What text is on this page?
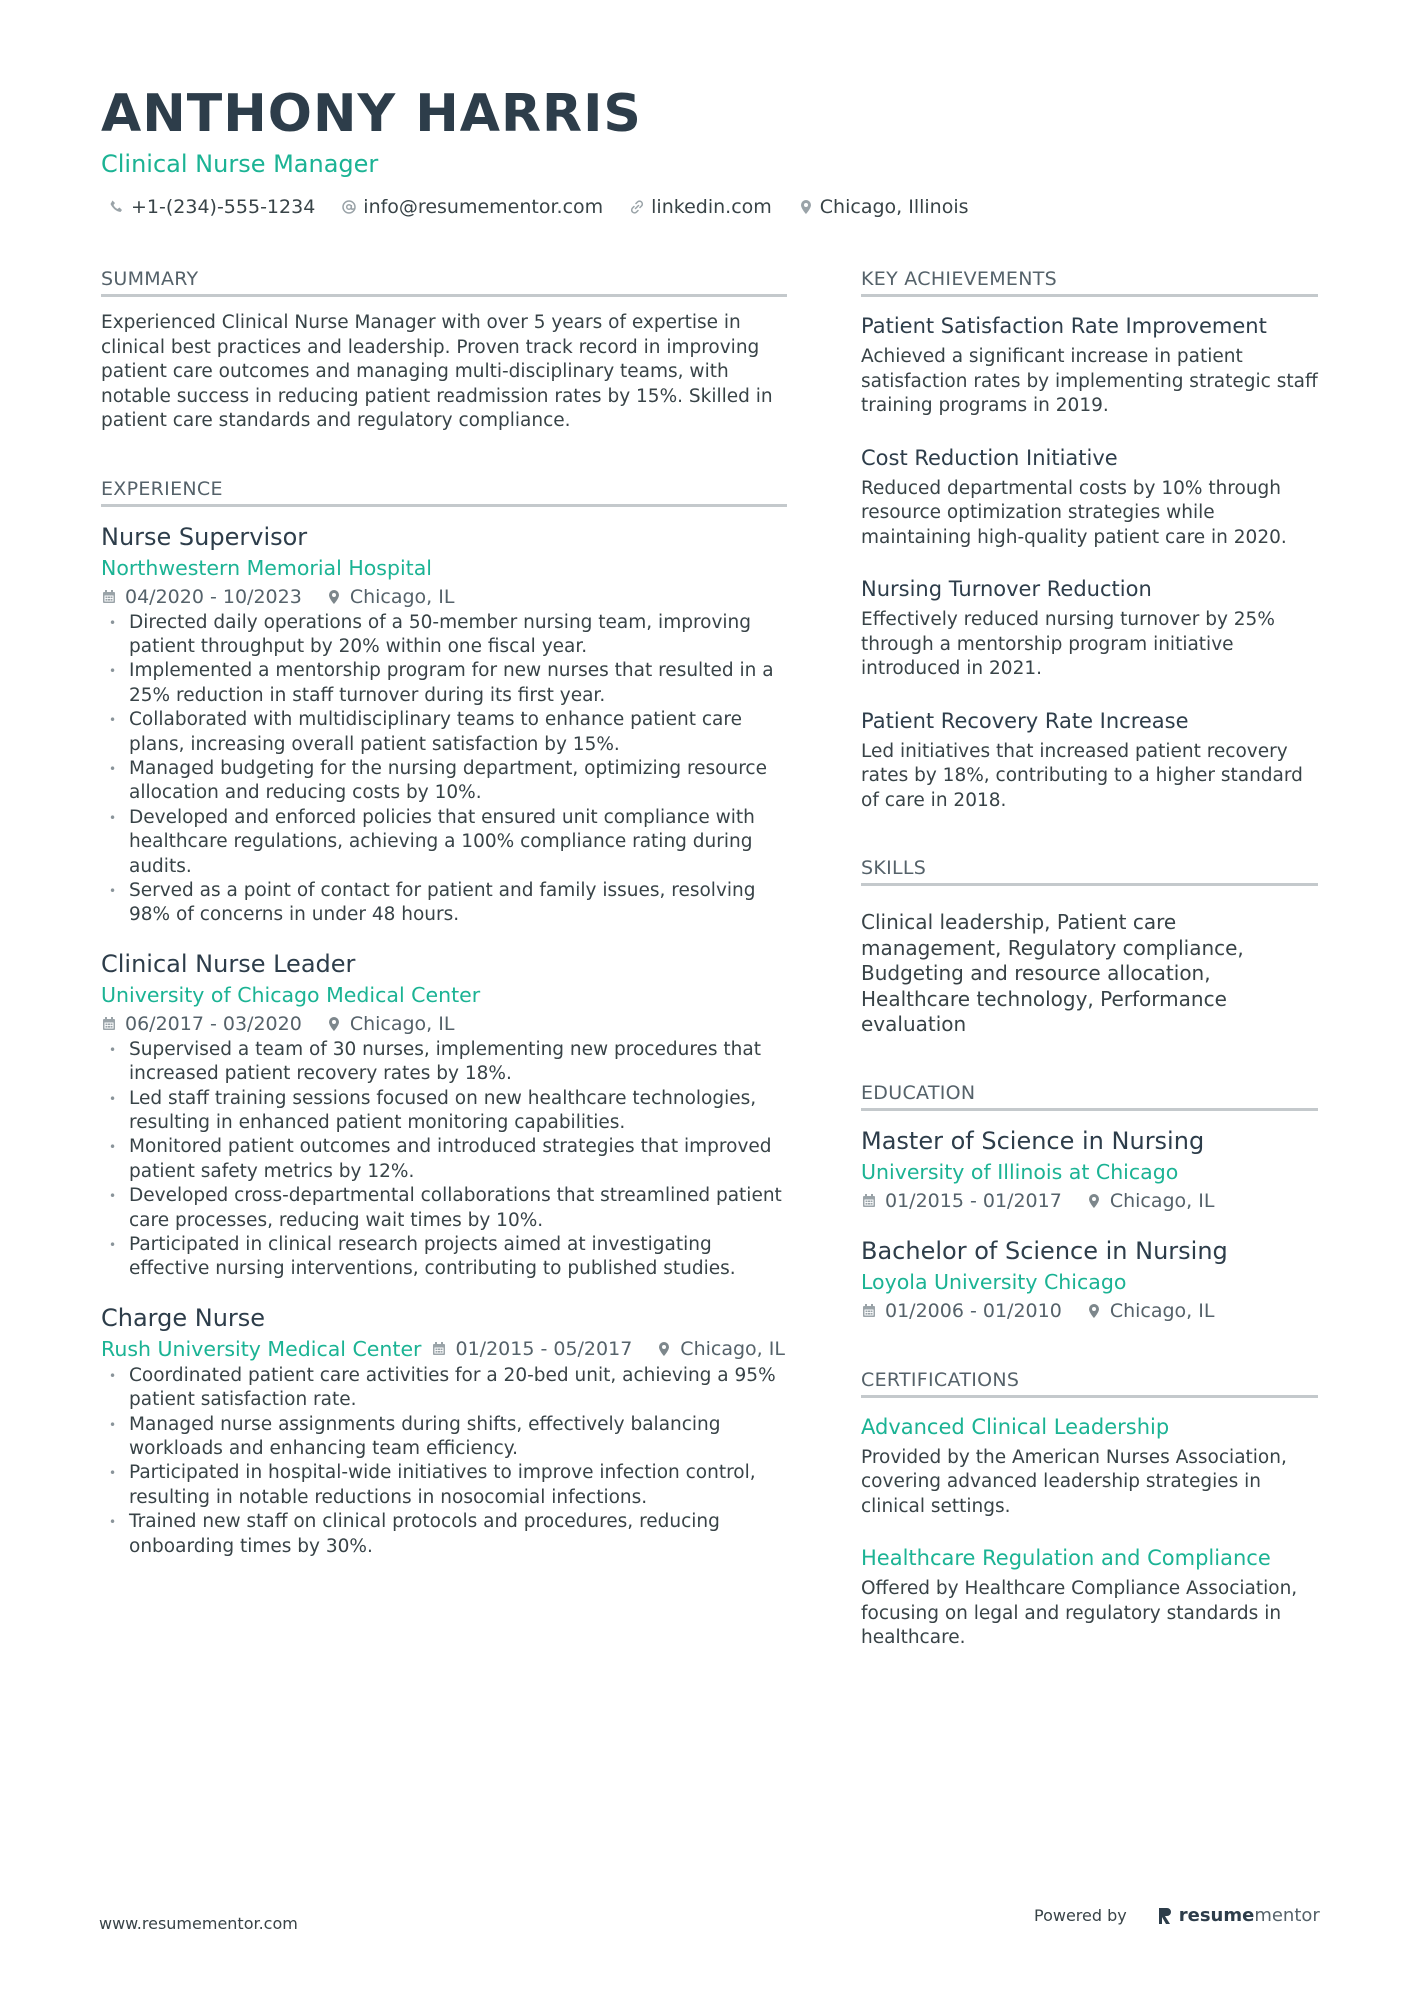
ANTHONY HARRIS
Clinical Nurse Manager
+1-(234)-555-1234	info@resumementor.com	linkedin.com	Chicago, Illinois
SUMMARY
Experienced Clinical Nurse Manager with over 5 years of expertise in clinical best practices and leadership. Proven track record in improving patient care outcomes and managing multi-disciplinary teams, with notable success in reducing patient readmission rates by 15%. Skilled in patient care standards and regulatory compliance.
EXPERIENCE
Nurse Supervisor
Northwestern Memorial Hospital
04/2020 - 10/2023	Chicago, IL
• Directed daily operations of a 50-member nursing team, improving patient throughput by 20% within one fiscal year.
• Implemented a mentorship program for new nurses that resulted in a 25% reduction in staff turnover during its first year.
• Collaborated with multidisciplinary teams to enhance patient care plans, increasing overall patient satisfaction by 15%.
• Managed budgeting for the nursing department, optimizing resource allocation and reducing costs by 10%.
• Developed and enforced policies that ensured unit compliance with healthcare regulations, achieving a 100% compliance rating during audits.
• Served as a point of contact for patient and family issues, resolving 98% of concerns in under 48 hours.
Clinical Nurse Leader
University of Chicago Medical Center
06/2017 - 03/2020	Chicago, IL
• Supervised a team of 30 nurses, implementing new procedures that increased patient recovery rates by 18%.
• Led staff training sessions focused on new healthcare technologies, resulting in enhanced patient monitoring capabilities.
• Monitored patient outcomes and introduced strategies that improved patient safety metrics by 12%.
• Developed cross-departmental collaborations that streamlined patient care processes, reducing wait times by 10%.
• Participated in clinical research projects aimed at investigating effective nursing interventions, contributing to published studies.
Charge Nurse
Rush University Medical Center 01/2015 - 05/2017	Chicago, IL
• Coordinated patient care activities for a 20-bed unit, achieving a 95% patient satisfaction rate.
• Managed nurse assignments during shifts, effectively balancing workloads and enhancing team efficiency.
• Participated in hospital-wide initiatives to improve infection control, resulting in notable reductions in nosocomial infections.
• Trained new staff on clinical protocols and procedures, reducing onboarding times by 30%.
KEY ACHIEVEMENTS
Patient Satisfaction Rate Improvement
Achieved a significant increase in patient satisfaction rates by implementing strategic staff training programs in 2019.
Cost Reduction Initiative
Reduced departmental costs by 10% through resource optimization strategies while maintaining high-quality patient care in 2020.
Nursing Turnover Reduction
Effectively reduced nursing turnover by 25% through a mentorship program initiative introduced in 2021.
Patient Recovery Rate Increase
Led initiatives that increased patient recovery rates by 18%, contributing to a higher standard of care in 2018.
SKILLS
Clinical leadership, Patient care management, Regulatory compliance, Budgeting and resource allocation, Healthcare technology, Performance evaluation
EDUCATION
Master of Science in Nursing
University of Illinois at Chicago
01/2015 - 01/2017	Chicago, IL
Bachelor of Science in Nursing
Loyola University Chicago
01/2006 - 01/2010	Chicago, IL
CERTIFICATIONS
Advanced Clinical Leadership
Provided by the American Nurses Association, covering advanced leadership strategies in clinical settings.
Healthcare Regulation and Compliance
Offered by Healthcare Compliance Association, focusing on legal and regulatory standards in healthcare.
www.resumementor.com	Powered by	resumementor
